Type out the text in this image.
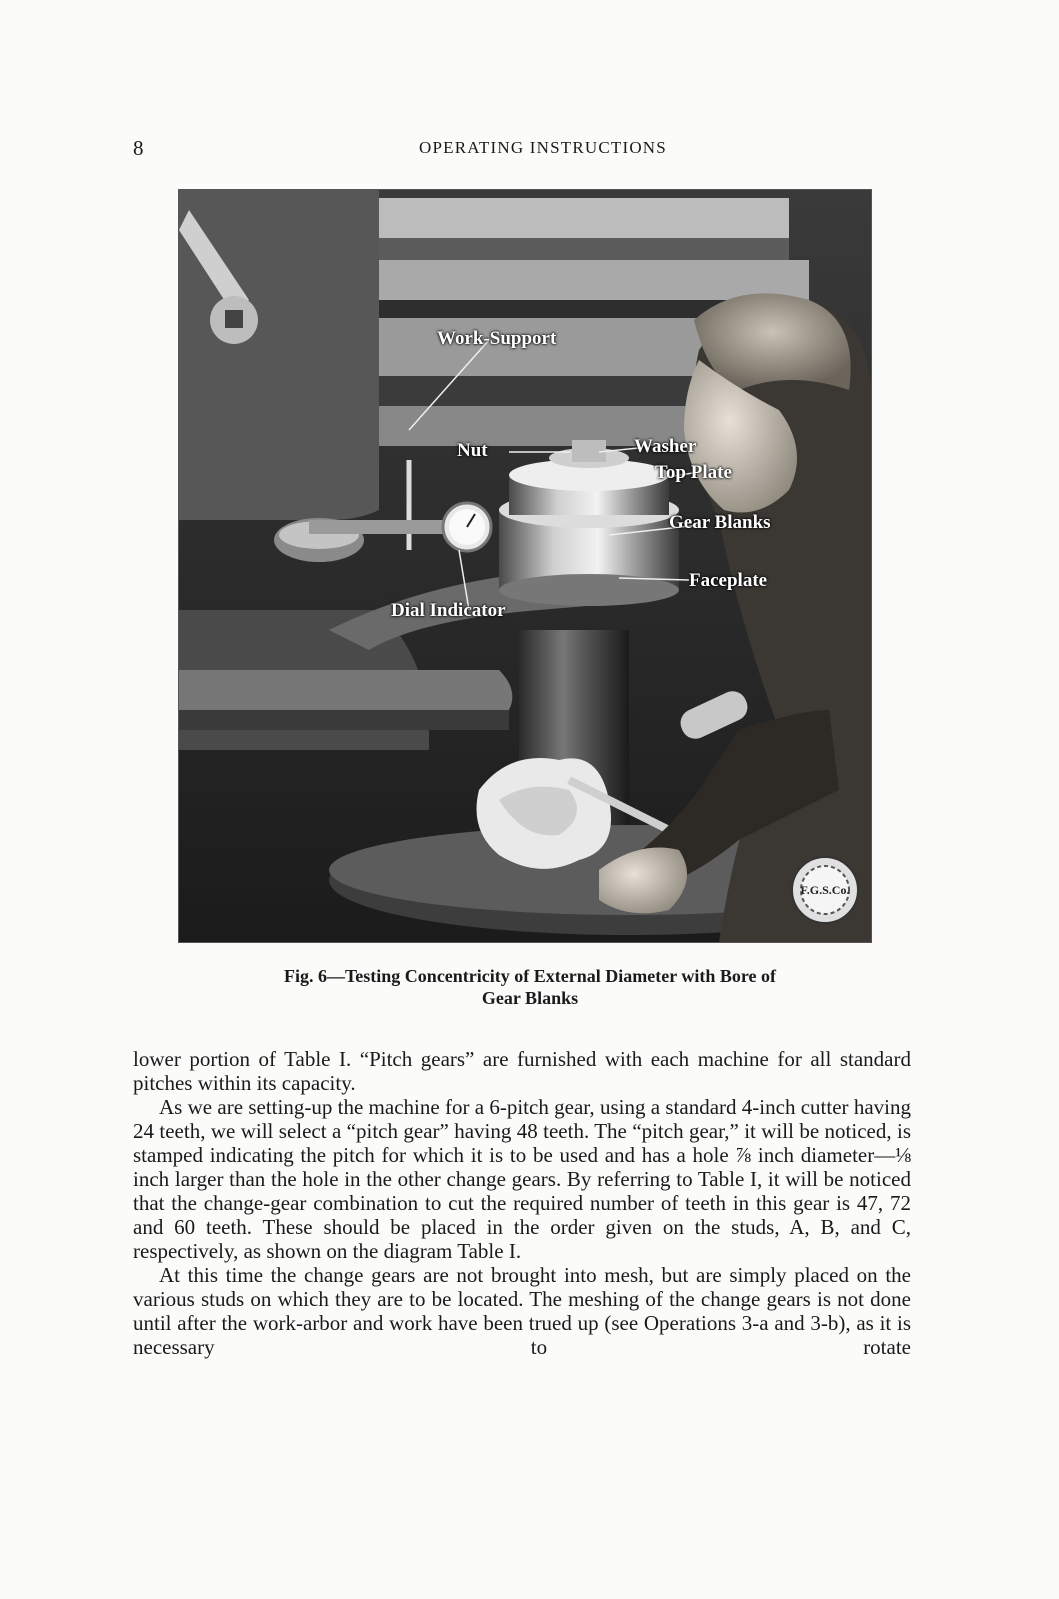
8	OPERATING INSTRUCTIONS
Work-Support
Nut	Washer
Top Plate
Gear Blanks
Faceplate
Dial Indicator
F.G.S.Co.
Fig. 6—Testing Concentricity of External Diameter with Bore of
Gear Blanks

lower portion of Table I. “Pitch gears” are furnished with each machine for all standard pitches within its capacity.

As we are setting-up the machine for a 6-pitch gear, using a standard 4-inch cutter having 24 teeth, we will select a “pitch gear” having 48 teeth. The “pitch gear,” it will be noticed, is stamped indicating the pitch for which it is to be used and has a hole ⅞ inch diameter—⅛ inch larger than the hole in the other change gears. By referring to Table I, it will be noticed that the change-gear combination to cut the required number of teeth in this gear is 47, 72 and 60 teeth. These should be placed in the order given on the studs, A, B, and C, respectively, as shown on the diagram Table I.

At this time the change gears are not brought into mesh, but are simply placed on the various studs on which they are to be located. The meshing of the change gears is not done until after the work-arbor and work have been trued up (see Operations 3-a and 3-b), as it is necessary to rotate
